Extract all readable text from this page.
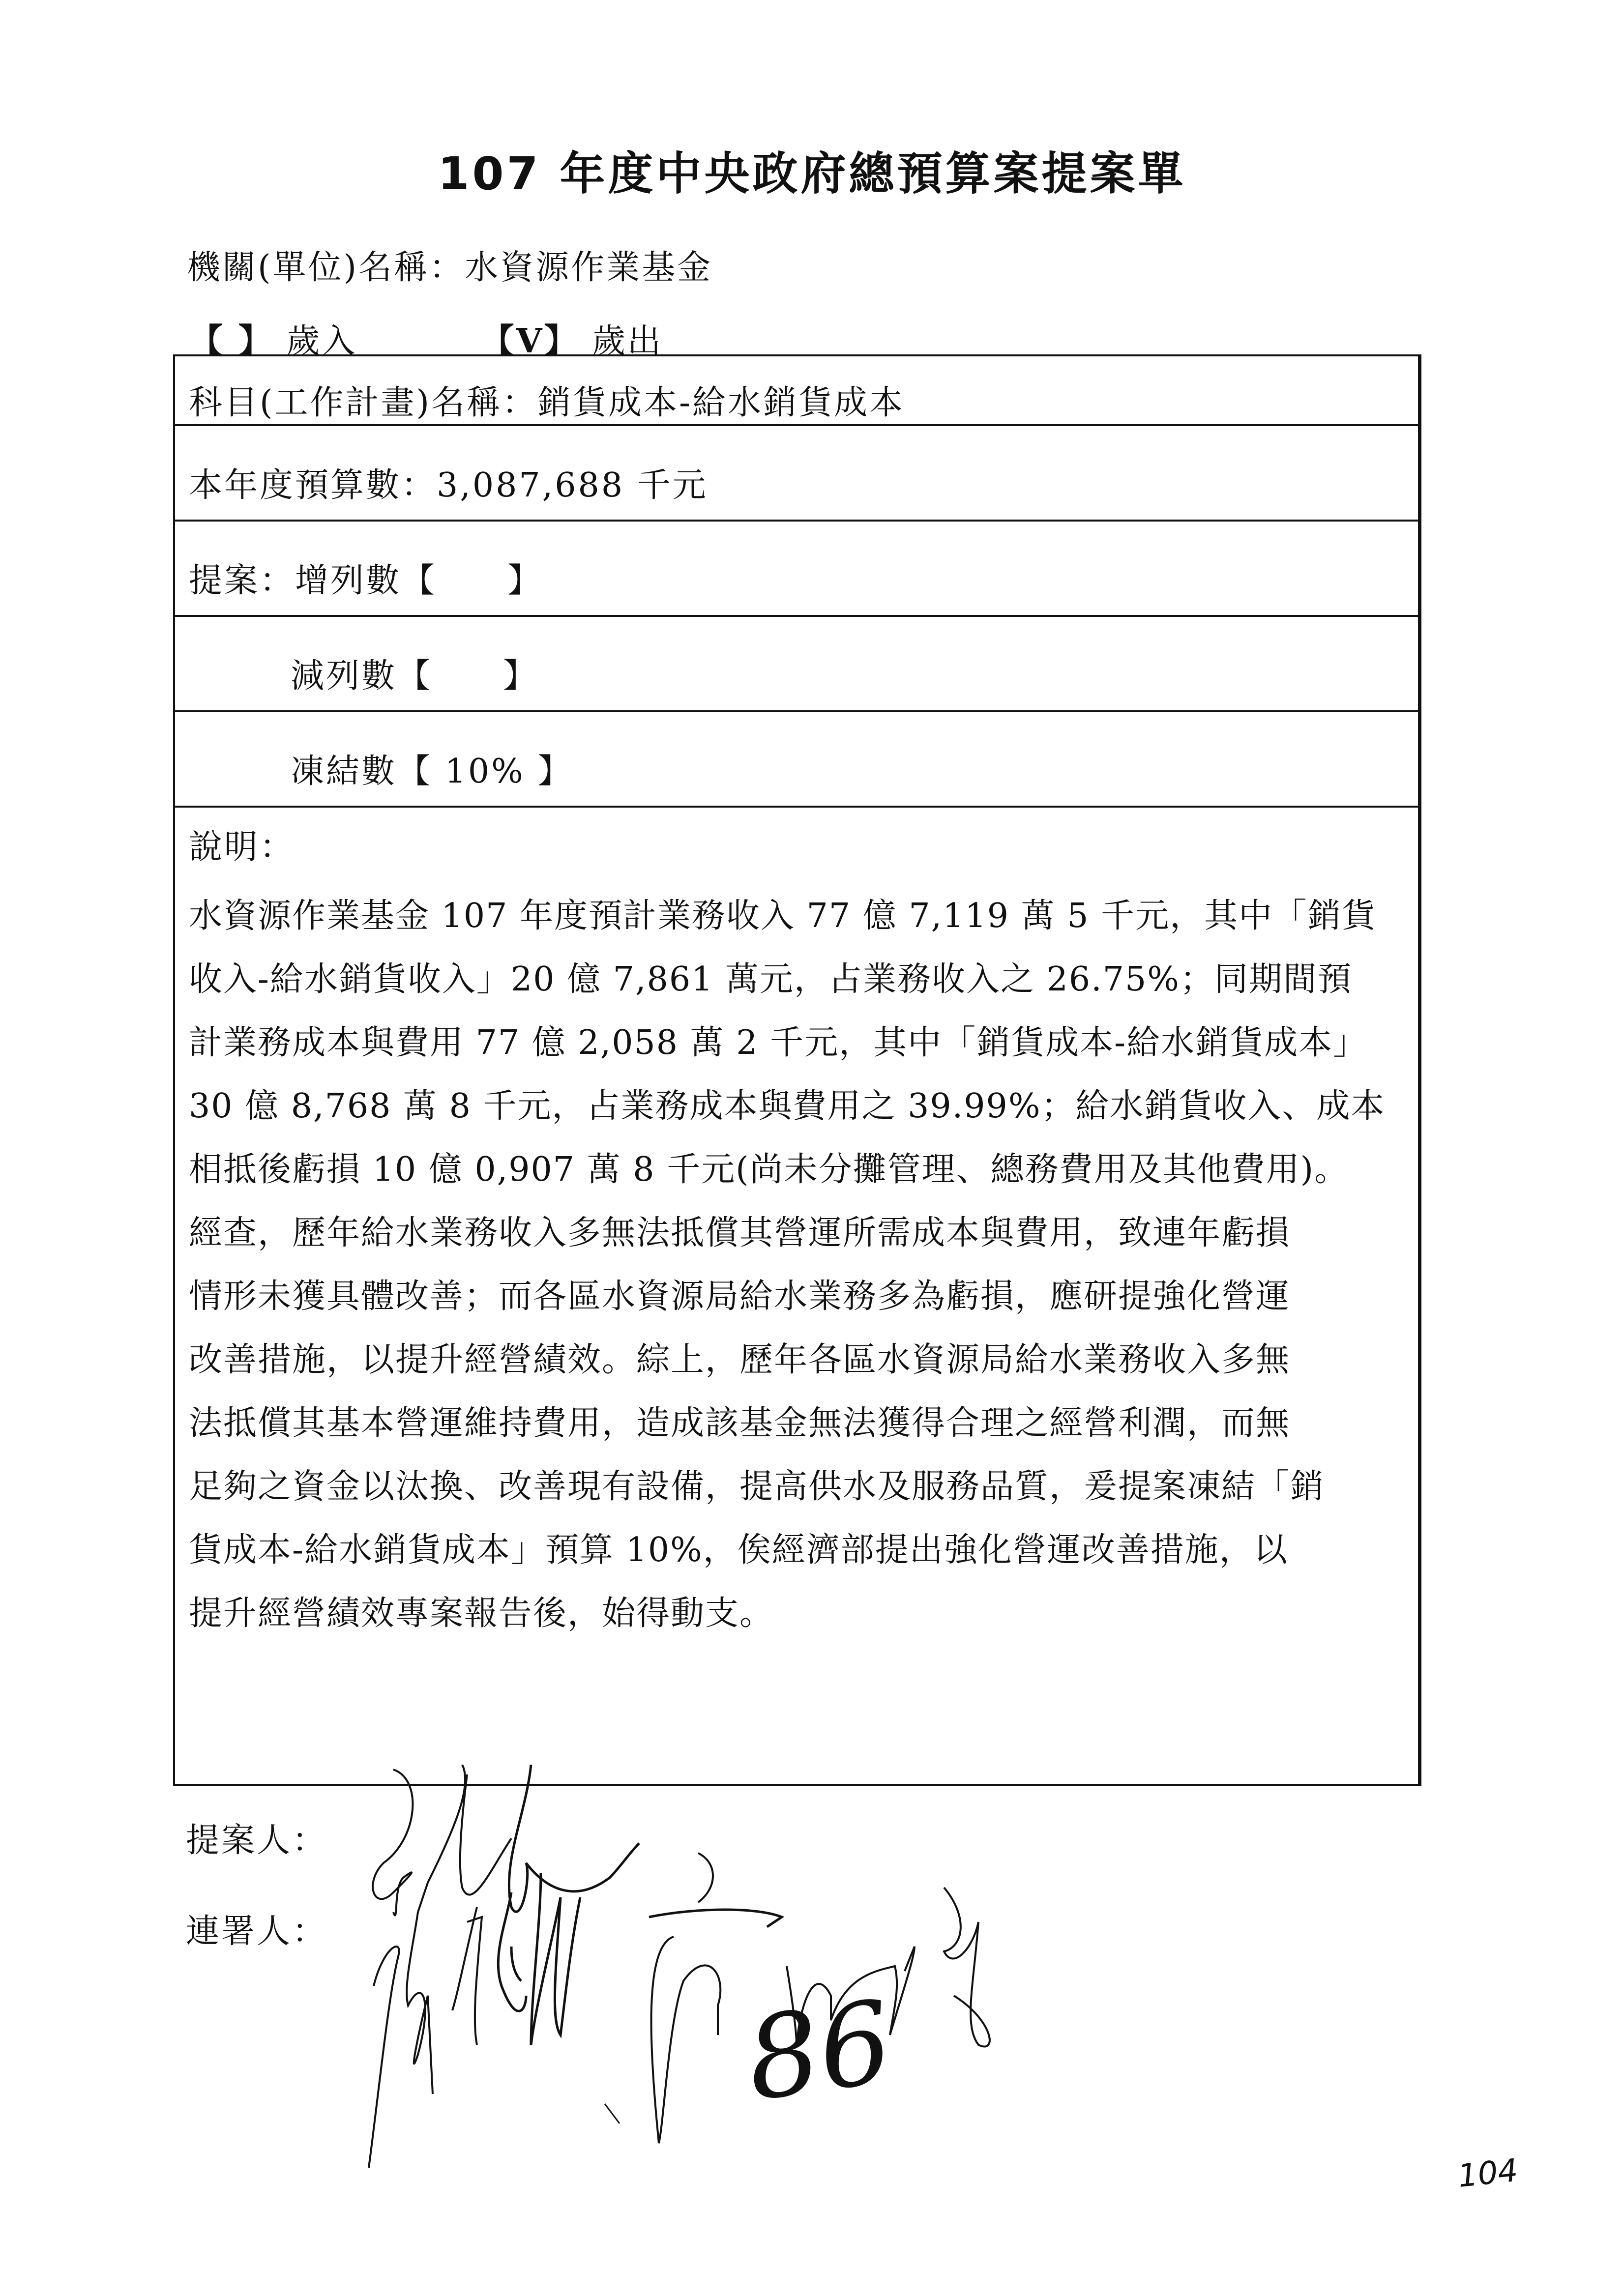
107 年度中央政府總預算案提案單
機關(單位)名稱：水資源作業基金
【 】 歲入	【V】 歲出
科目(工作計畫)名稱：銷貨成本-給水銷貨成本
本年度預算數：3,087,688 千元
提案：增列數【　　】
減列數【　　】
凍結數【 10% 】
說明：
水資源作業基金 107 年度預計業務收入 77 億 7,119 萬 5 千元，其中「銷貨
收入-給水銷貨收入」20 億 7,861 萬元，占業務收入之 26.75%；同期間預
計業務成本與費用 77 億 2,058 萬 2 千元，其中「銷貨成本-給水銷貨成本」
30 億 8,768 萬 8 千元，占業務成本與費用之 39.99%；給水銷貨收入、成本
相抵後虧損 10 億 0,907 萬 8 千元(尚未分攤管理、總務費用及其他費用)。
經查，歷年給水業務收入多無法抵償其營運所需成本與費用，致連年虧損
情形未獲具體改善；而各區水資源局給水業務多為虧損，應研提強化營運
改善措施，以提升經營績效。綜上，歷年各區水資源局給水業務收入多無
法抵償其基本營運維持費用，造成該基金無法獲得合理之經營利潤，而無
足夠之資金以汰換、改善現有設備，提高供水及服務品質，爰提案凍結「銷
貨成本-給水銷貨成本」預算 10%，俟經濟部提出強化營運改善措施，以
提升經營績效專案報告後，始得動支。
提案人：
連署人：
86
104
